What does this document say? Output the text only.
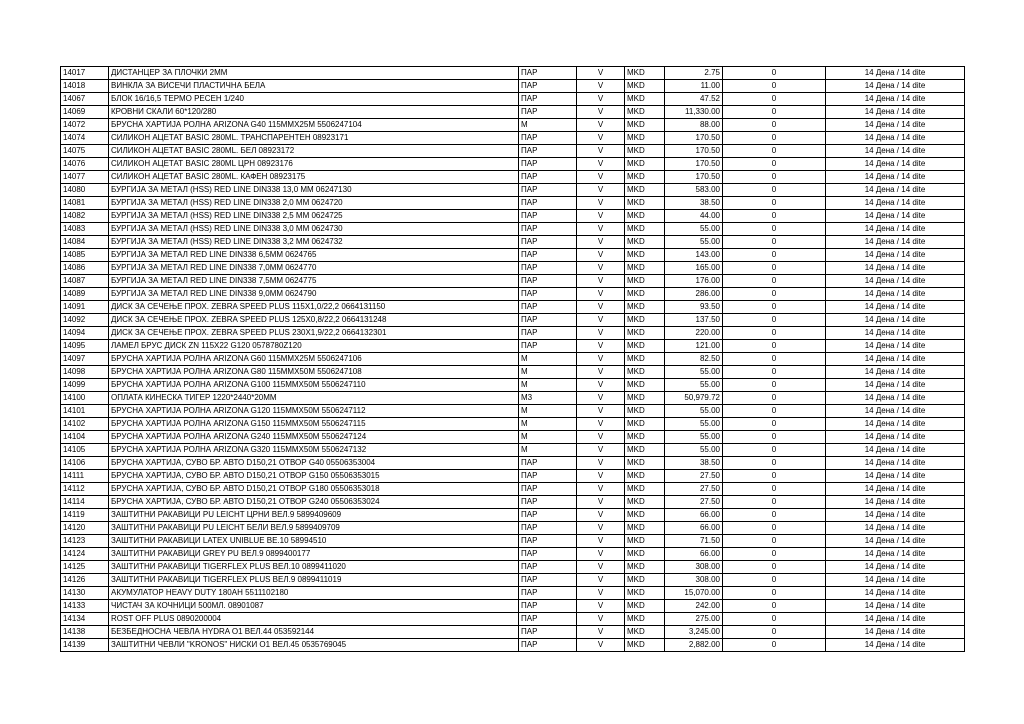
14017	ДИСТАНЦЕР ЗА ПЛОЧКИ 2ММ	ПАР	V	MKD	2.75	0	14 Дена / 14 dite
14018	ВИНКЛА ЗА ВИСЕЧИ ПЛАСТИЧНА БЕЛА	ПАР	V	MKD	11.00	0	14 Дена / 14 dite
14067	БЛОК 16/16,5 ТЕРМО РЕСЕН 1/240	ПАР	V	MKD	47.52	0	14 Дена / 14 dite
14069	КРОВНИ СКАЛИ 60*120/280	ПАР	V	MKD	11,330.00	0	14 Дена / 14 dite
14072	БРУСНА ХАРТИЈА РОЛНА ARIZONA G40 115MMX25M 5506247104	M	V	MKD	88.00	0	14 Дена / 14 dite
14074	СИЛИКОН АЦЕТАТ BASIC 280ML. ТРАНСПАРЕНТЕН 08923171	ПАР	V	MKD	170.50	0	14 Дена / 14 dite
14075	СИЛИКОН АЦЕТАТ BASIC 280ML. БЕЛ 08923172	ПАР	V	MKD	170.50	0	14 Дена / 14 dite
14076	СИЛИКОН АЦЕТАТ BASIC 280ML ЦРН 08923176	ПАР	V	MKD	170.50	0	14 Дена / 14 dite
14077	СИЛИКОН АЦЕТАТ BASIC 280ML. КАФЕН 08923175	ПАР	V	MKD	170.50	0	14 Дена / 14 dite
14080	БУРГИЈА ЗА МЕТАЛ (HSS) RED LINE DIN338 13,0 ММ 06247130	ПАР	V	MKD	583.00	0	14 Дена / 14 dite
14081	БУРГИЈА ЗА МЕТАЛ (HSS) RED LINE DIN338 2,0 ММ 0624720	ПАР	V	MKD	38.50	0	14 Дена / 14 dite
14082	БУРГИЈА ЗА МЕТАЛ (HSS) RED LINE DIN338 2,5 ММ 0624725	ПАР	V	MKD	44.00	0	14 Дена / 14 dite
14083	БУРГИЈА ЗА МЕТАЛ (HSS) RED LINE DIN338 3,0 ММ 0624730	ПАР	V	MKD	55.00	0	14 Дена / 14 dite
14084	БУРГИЈА ЗА МЕТАЛ (HSS) RED LINE DIN338 3,2 ММ 0624732	ПАР	V	MKD	55.00	0	14 Дена / 14 dite
14085	БУРГИЈА ЗА МЕТАЛ RED LINE DIN338 6,5MM 0624765	ПАР	V	MKD	143.00	0	14 Дена / 14 dite
14086	БУРГИЈА ЗА МЕТАЛ RED LINE DIN338 7,0MM 0624770	ПАР	V	MKD	165.00	0	14 Дена / 14 dite
14087	БУРГИЈА ЗА МЕТАЛ RED LINE DIN338 7,5MM 0624775	ПАР	V	MKD	176.00	0	14 Дена / 14 dite
14089	БУРГИЈА ЗА МЕТАЛ RED LINE DIN338 9,0MM 0624790	ПАР	V	MKD	286.00	0	14 Дена / 14 dite
14091	ДИСК ЗА СЕЧЕЊЕ ПРОХ. ZEBRA SPEED PLUS 115X1,0/22,2 0664131150	ПАР	V	MKD	93.50	0	14 Дена / 14 dite
14092	ДИСК ЗА СЕЧЕЊЕ ПРОХ. ZEBRA SPEED PLUS 125X0,8/22,2 0664131248	ПАР	V	MKD	137.50	0	14 Дена / 14 dite
14094	ДИСК ЗА СЕЧЕЊЕ ПРОХ. ZEBRA SPEED PLUS 230X1,9/22,2 0664132301	ПАР	V	MKD	220.00	0	14 Дена / 14 dite
14095	ЛАМЕЛ БРУС ДИСК ZN 115X22 G120 0578780Z120	ПАР	V	MKD	121.00	0	14 Дена / 14 dite
14097	БРУСНА ХАРТИЈА РОЛНА ARIZONA G60 115MMX25M 5506247106	M	V	MKD	82.50	0	14 Дена / 14 dite
14098	БРУСНА ХАРТИЈА РОЛНА ARIZONA G80 115MMX50M 5506247108	M	V	MKD	55.00	0	14 Дена / 14 dite
14099	БРУСНА ХАРТИЈА РОЛНА ARIZONA G100 115MMX50M 5506247110	M	V	MKD	55.00	0	14 Дена / 14 dite
14100	ОПЛАТА КИНЕСКА ТИГЕР 1220*2440*20ММ	M3	V	MKD	50,979.72	0	14 Дена / 14 dite
14101	БРУСНА ХАРТИЈА РОЛНА ARIZONA G120 115MMX50M 5506247112	M	V	MKD	55.00	0	14 Дена / 14 dite
14102	БРУСНА ХАРТИЈА РОЛНА ARIZONA G150 115MMX50M 5506247115	M	V	MKD	55.00	0	14 Дена / 14 dite
14104	БРУСНА ХАРТИЈА РОЛНА ARIZONA G240 115MMX50M 5506247124	M	V	MKD	55.00	0	14 Дена / 14 dite
14105	БРУСНА ХАРТИЈА РОЛНА ARIZONA G320 115MMX50M 5506247132	M	V	MKD	55.00	0	14 Дена / 14 dite
14106	БРУСНА ХАРТИЈА, СУВО БР. АВТО D150,21 ОТВОР G40 05506353004	ПАР	V	MKD	38.50	0	14 Дена / 14 dite
14111	БРУСНА ХАРТИЈА, СУВО БР. АВТО D150,21 ОТВОР G150 05506353015	ПАР	V	MKD	27.50	0	14 Дена / 14 dite
14112	БРУСНА ХАРТИЈА, СУВО БР. АВТО D150,21 ОТВОР G180 05506353018	ПАР	V	MKD	27.50	0	14 Дена / 14 dite
14114	БРУСНА ХАРТИЈА, СУВО БР. АВТО D150,21 ОТВОР G240 05506353024	ПАР	V	MKD	27.50	0	14 Дена / 14 dite
14119	ЗАШТИТНИ РАКАВИЦИ PU LEICHT ЦРНИ ВЕЛ.9 5899409609	ПАР	V	MKD	66.00	0	14 Дена / 14 dite
14120	ЗАШТИТНИ РАКАВИЦИ PU LEICHT БЕЛИ ВЕЛ.9 5899409709	ПАР	V	MKD	66.00	0	14 Дена / 14 dite
14123	ЗАШТИТНИ РАКАВИЦИ LATEX UNIBLUE ВЕ.10 58994510	ПАР	V	MKD	71.50	0	14 Дена / 14 dite
14124	ЗАШТИТНИ РАКАВИЦИ GREY PU ВЕЛ.9 0899400177	ПАР	V	MKD	66.00	0	14 Дена / 14 dite
14125	ЗАШТИТНИ РАКАВИЦИ TIGERFLEX PLUS ВЕЛ.10 0899411020	ПАР	V	MKD	308.00	0	14 Дена / 14 dite
14126	ЗАШТИТНИ РАКАВИЦИ TIGERFLEX PLUS ВЕЛ.9 0899411019	ПАР	V	MKD	308.00	0	14 Дена / 14 dite
14130	АКУМУЛАТОР HEAVY DUTY 180AH 5511102180	ПАР	V	MKD	15,070.00	0	14 Дена / 14 dite
14133	ЧИСТАЧ ЗА КОЧНИЦИ 500МЛ. 08901087	ПАР	V	MKD	242.00	0	14 Дена / 14 dite
14134	ROST OFF PLUS 0890200004	ПАР	V	MKD	275.00	0	14 Дена / 14 dite
14138	БЕЗБЕДНОСНА ЧЕВЛА HYDRA O1 ВЕЛ.44 053592144	ПАР	V	MKD	3,245.00	0	14 Дена / 14 dite
14139	ЗАШТИТНИ ЧЕВЛИ "KRONOS" НИСКИ O1 ВЕЛ.45 0535769045	ПАР	V	MKD	2,882.00	0	14 Дена / 14 dite
